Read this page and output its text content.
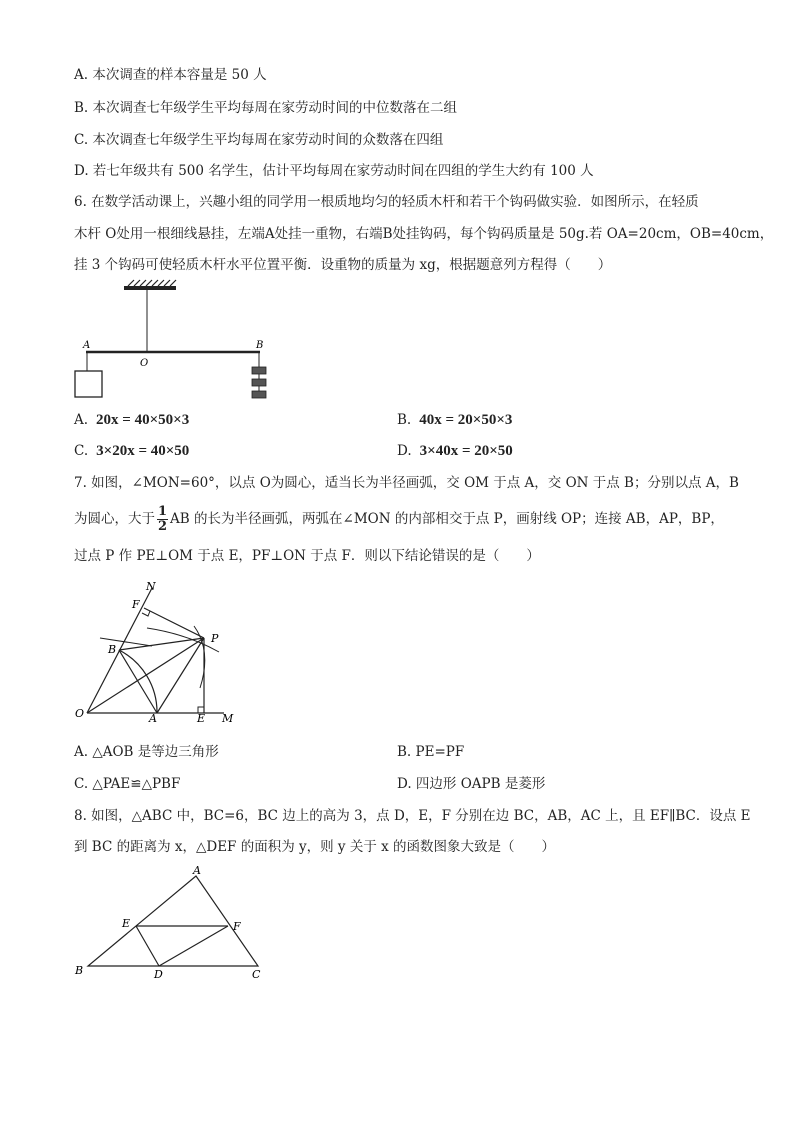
A. 本次调查的样本容量是 50 人
B. 本次调查七年级学生平均每周在家劳动时间的中位数落在二组
C. 本次调查七年级学生平均每周在家劳动时间的众数落在四组
D. 若七年级共有 500 名学生，估计平均每周在家劳动时间在四组的学生大约有 100 人
6. 在数学活动课上，兴趣小组的同学用一根质地均匀的轻质木杆和若干个钩码做实验．如图所示，在轻质
木杆 O处用一根细线悬挂，左端A处挂一重物，右端B处挂钩码，每个钩码质量是 50g.若 OA=20cm，OB=40cm，
挂 3 个钩码可使轻质木杆水平位置平衡．设重物的质量为 xg，根据题意列方程得（　　）
A
O
B
A. 20x = 40×50×3	B. 40x = 20×50×3
C. 3×20x = 40×50	D. 3×40x = 20×50
7. 如图，∠MON=60°，以点 O为圆心，适当长为半径画弧，交 OM 于点 A，交 ON 于点 B；分别以点 A，B
为圆心，大于 $\frac{1}{2}$ AB 的长为半径画弧，两弧在∠MON 的内部相交于点 P，画射线 OP；连接 AB，AP，BP，
过点 P 作 PE⊥OM 于点 E，PF⊥ON 于点 F．则以下结论错误的是（　　）
N
F
P
B
O	A	E M
A. △AOB 是等边三角形	B. PE=PF
C. △PAE≌△PBF	D. 四边形 OAPB 是菱形
8. 如图，△ABC 中，BC=6，BC 边上的高为 3，点 D，E，F 分别在边 BC，AB，AC 上，且 EF∥BC．设点 E
到 BC 的距离为 x，△DEF 的面积为 y，则 y 关于 x 的函数图象大致是（　　）
A
E	F
B	D	C
